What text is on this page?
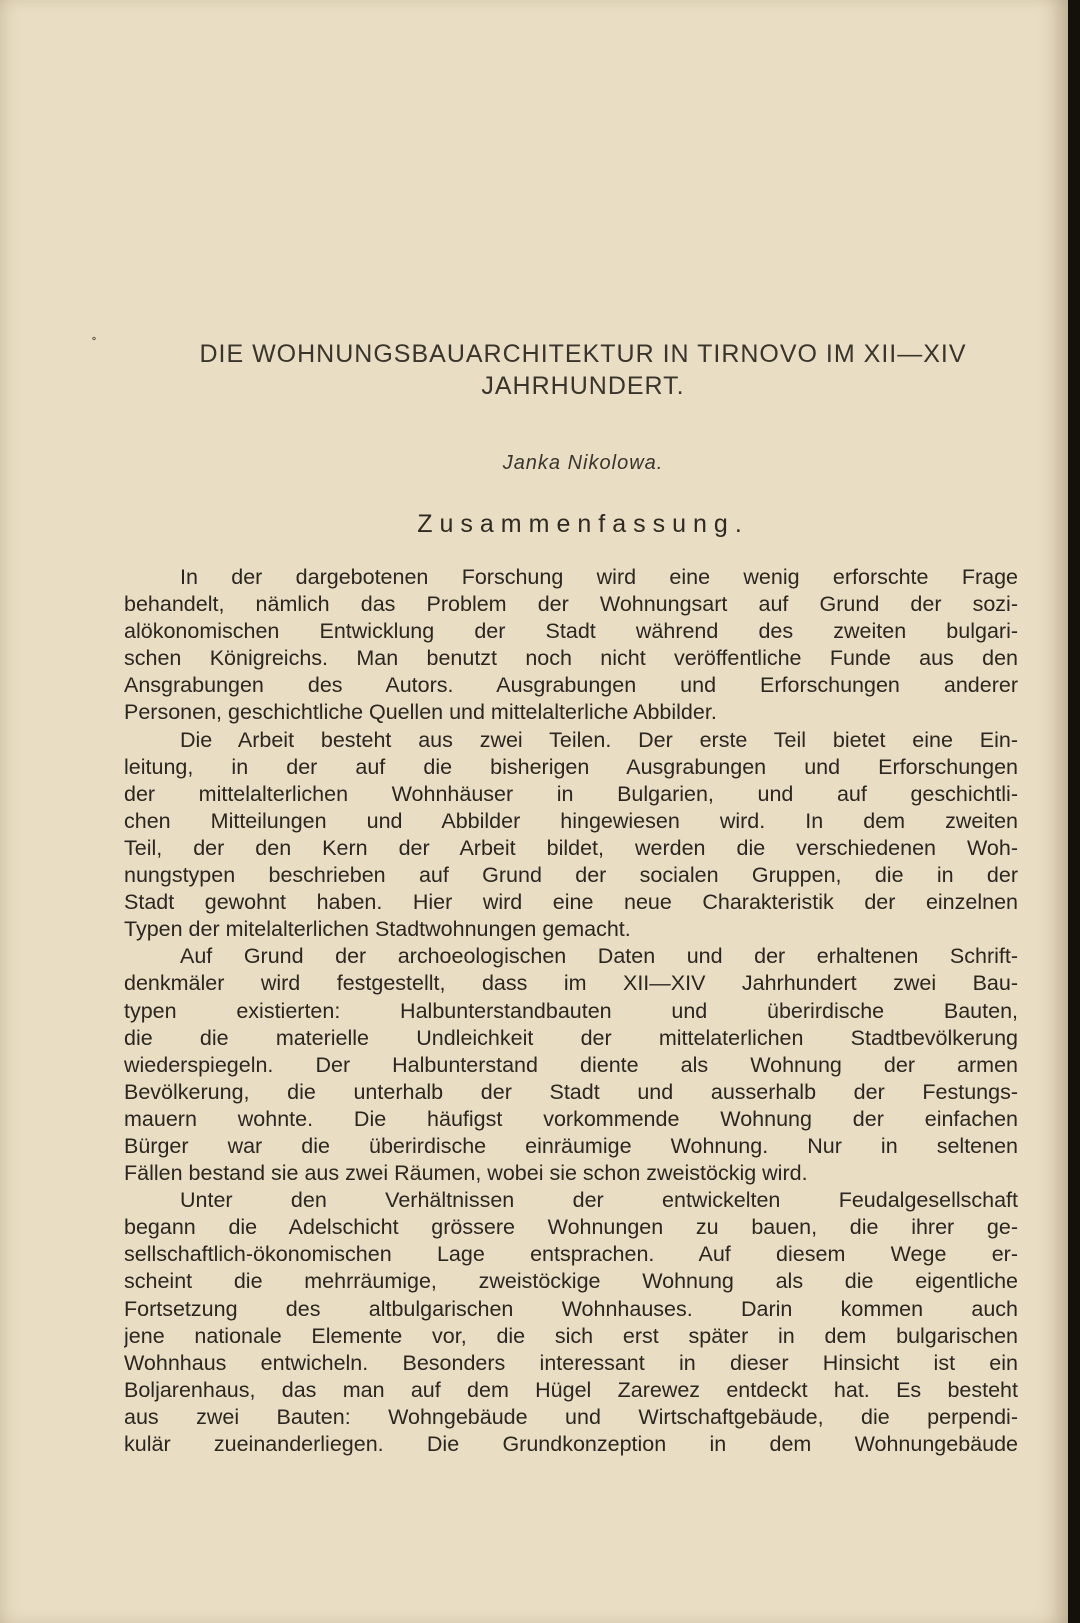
˚	DIE WOHNUNGSBAUARCHITEKTUR IN TIRNOVO IM XII—XIV
JAHRHUNDERT.
Janka Nikolowa.
Zusammenfassung.
In der dargebotenen Forschung wird eine wenig erforschte Frage
behandelt, nämlich das Problem der Wohnungsart auf Grund der sozi-
alökonomischen Entwicklung der Stadt während des zweiten bulgari-
schen Königreichs. Man benutzt noch nicht veröffentliche Funde aus den
Ansgrabungen des Autors. Ausgrabungen und Erforschungen anderer
Personen, geschichtliche Quellen und mittelalterliche Abbilder.
Die Arbeit besteht aus zwei Teilen. Der erste Teil bietet eine Ein-
leitung, in der auf die bisherigen Ausgrabungen und Erforschungen
der mittelalterlichen Wohnhäuser in Bulgarien, und auf geschichtli-
chen Mitteilungen und Abbilder hingewiesen wird. In dem zweiten
Teil, der den Kern der Arbeit bildet, werden die verschiedenen Woh-
nungstypen beschrieben auf Grund der socialen Gruppen, die in der
Stadt gewohnt haben. Hier wird eine neue Charakteristik der einzelnen
Typen der mitelalterlichen Stadtwohnungen gemacht.
Auf Grund der archoeologischen Daten und der erhaltenen Schrift-
denkmäler wird festgestellt, dass im XII—XIV Jahrhundert zwei Bau-
typen existierten: Halbunterstandbauten und überirdische Bauten,
die die materielle Undleichkeit der mittelaterlichen Stadtbevölkerung
wiederspiegeln. Der Halbunterstand diente als Wohnung der armen
Bevölkerung, die unterhalb der Stadt und ausserhalb der Festungs-
mauern wohnte. Die häufigst vorkommende Wohnung der einfachen
Bürger war die überirdische einräumige Wohnung. Nur in seltenen
Fällen bestand sie aus zwei Räumen, wobei sie schon zweistöckig wird.
Unter den Verhältnissen der entwickelten Feudalgesellschaft
begann die Adelschicht grössere Wohnungen zu bauen, die ihrer ge-
sellschaftlich-ökonomischen Lage entsprachen. Auf diesem Wege er-
scheint die mehrräumige, zweistöckige Wohnung als die eigentliche
Fortsetzung des altbulgarischen Wohnhauses. Darin kommen auch
jene nationale Elemente vor, die sich erst später in dem bulgarischen
Wohnhaus entwicheln. Besonders interessant in dieser Hinsicht ist ein
Boljarenhaus, das man auf dem Hügel Zarewez entdeckt hat. Es besteht
aus zwei Bauten: Wohngebäude und Wirtschaftgebäude, die perpendi-
kulär zueinanderliegen. Die Grundkonzeption in dem Wohnungebäude
